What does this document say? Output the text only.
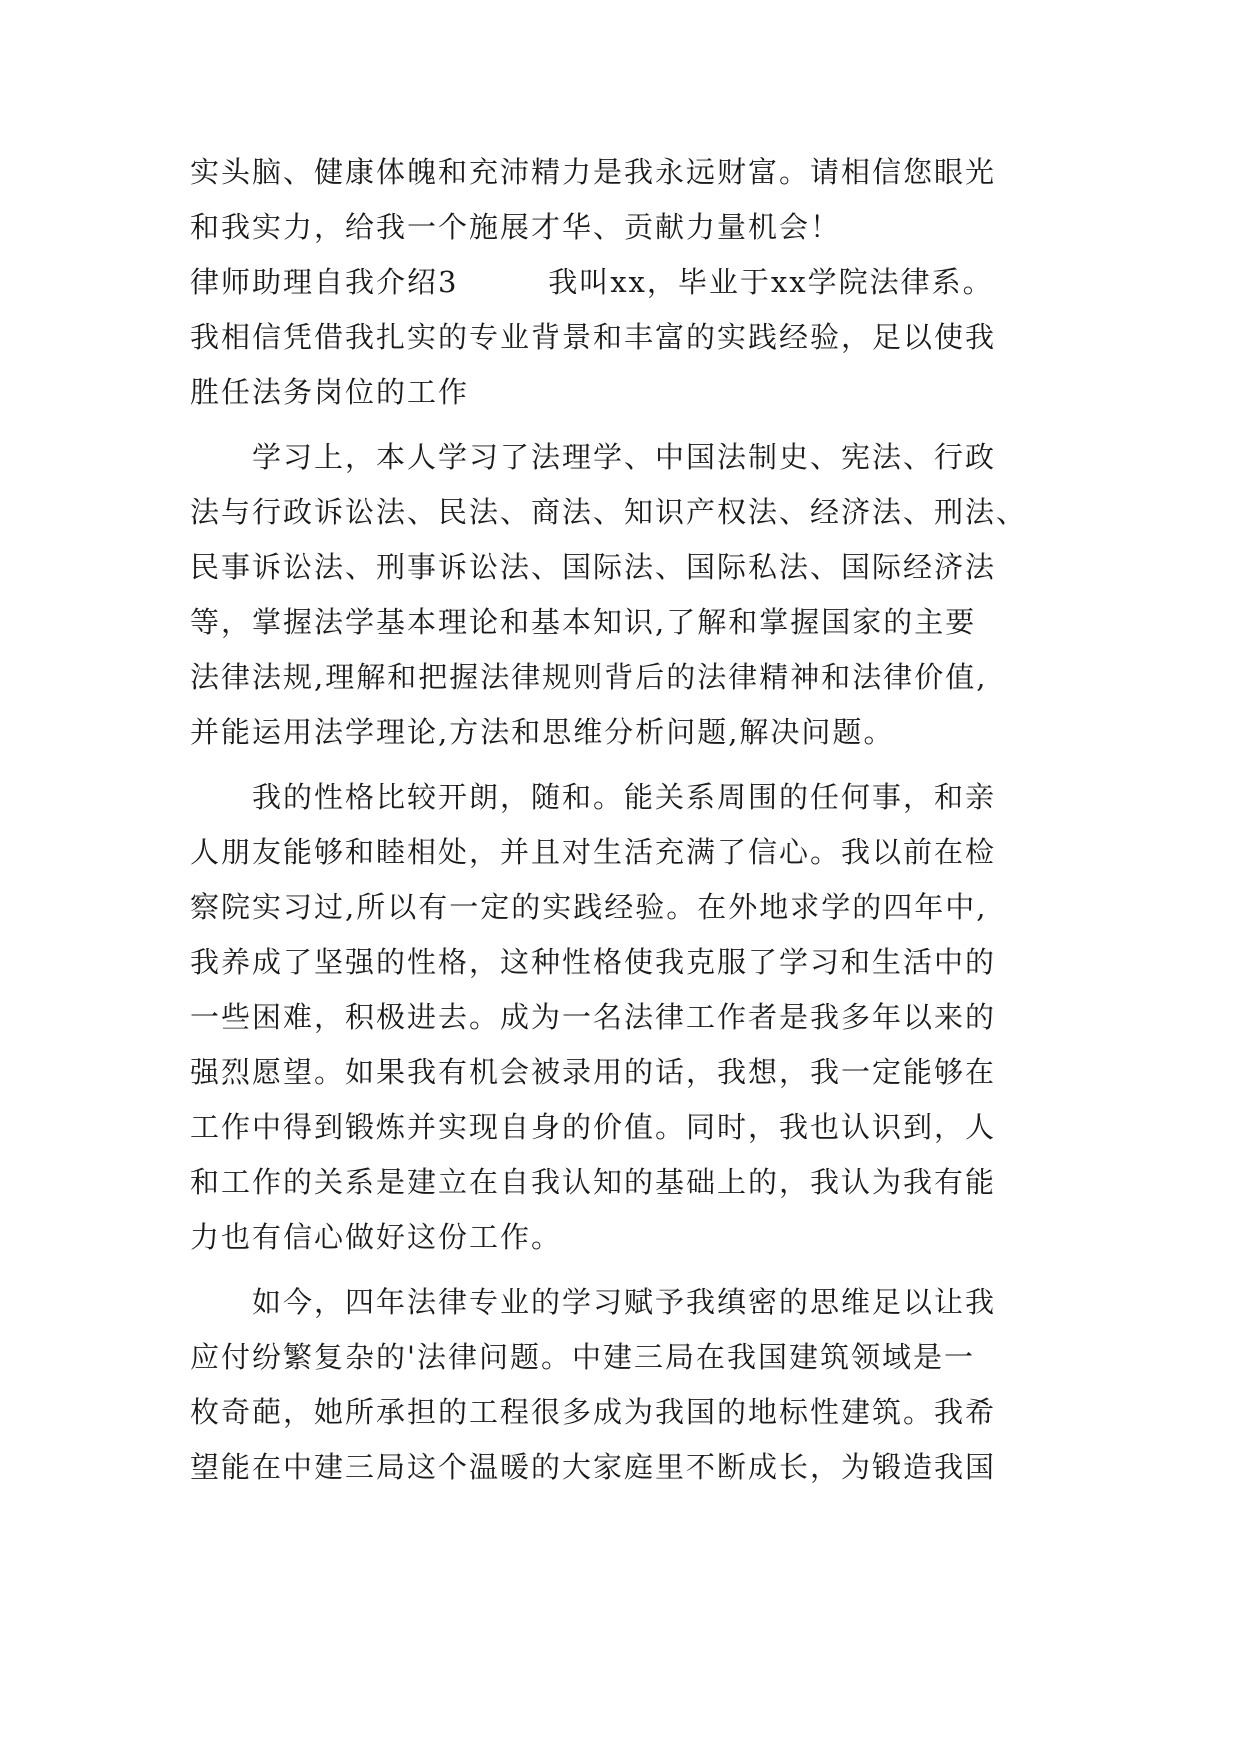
实头脑、健康体魄和充沛精力是我永远财富。请相信您眼光
和我实力，给我一个施展才华、贡献力量机会！
律师助理自我介绍3        我叫xx，毕业于xx学院法律系。
我相信凭借我扎实的专业背景和丰富的实践经验，足以使我
胜任法务岗位的工作
学习上，本人学习了法理学、中国法制史、宪法、行政
法与行政诉讼法、民法、商法、知识产权法、经济法、刑法、
民事诉讼法、刑事诉讼法、国际法、国际私法、国际经济法
等，掌握法学基本理论和基本知识,了解和掌握国家的主要
法律法规,理解和把握法律规则背后的法律精神和法律价值,
并能运用法学理论,方法和思维分析问题,解决问题。
我的性格比较开朗，随和。能关系周围的任何事，和亲
人朋友能够和睦相处，并且对生活充满了信心。我以前在检
察院实习过,所以有一定的实践经验。在外地求学的四年中,
我养成了坚强的性格，这种性格使我克服了学习和生活中的
一些困难，积极进去。成为一名法律工作者是我多年以来的
强烈愿望。如果我有机会被录用的话，我想，我一定能够在
工作中得到锻炼并实现自身的价值。同时，我也认识到，人
和工作的关系是建立在自我认知的基础上的，我认为我有能
力也有信心做好这份工作。
如今，四年法律专业的学习赋予我缜密的思维足以让我
应付纷繁复杂的'法律问题。中建三局在我国建筑领域是一
枚奇葩，她所承担的工程很多成为我国的地标性建筑。我希
望能在中建三局这个温暖的大家庭里不断成长，为锻造我国
